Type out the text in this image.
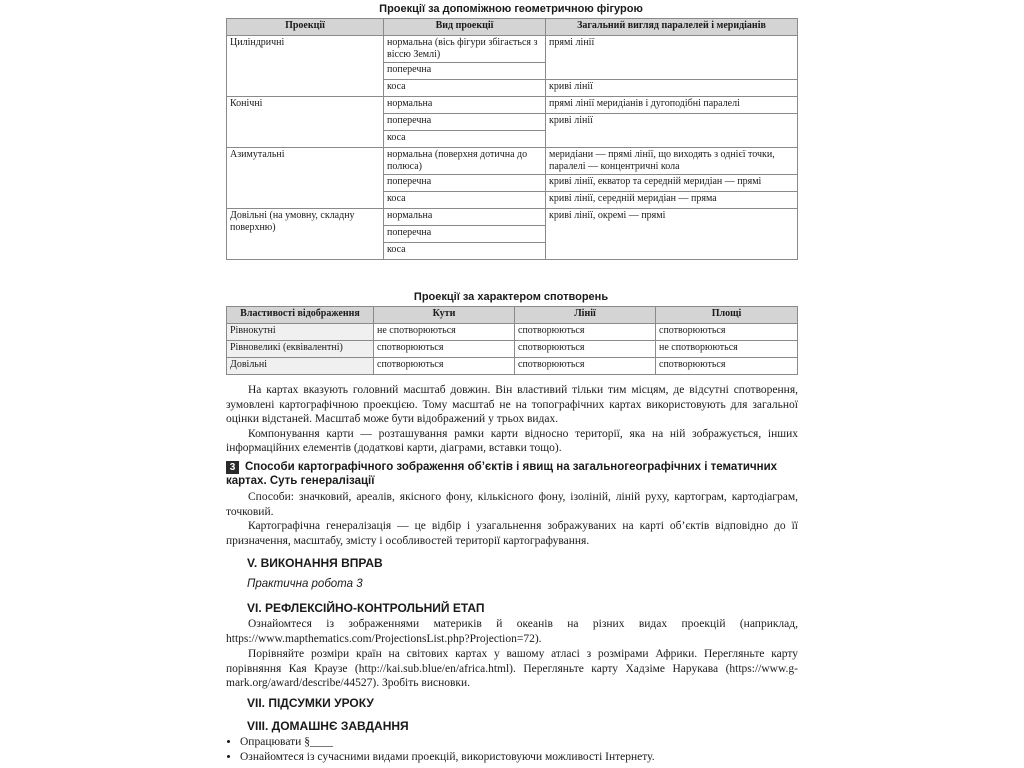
Проекції за допоміжною геометричною фігурою
Проекції	Вид проекції	Загальний вигляд паралелей і меридіанів
Циліндричні	нормальна (вісь фігури збігається з віссю Землі)	прямі лінії
	поперечна	
	коса	криві лінії
Конічні	нормальна	прямі лінії меридіанів і дугоподібні паралелі
	поперечна	криві лінії
	коса	
Азимутальні	нормальна (поверхня дотична до полюса)	меридіани — прямі лінії, що виходять з однієї точки, паралелі — концентричні кола
	поперечна	криві лінії, екватор та середній меридіан — прямі
	коса	криві лінії, середній меридіан — пряма
Довільні (на умовну, складну поверхню)	нормальна	криві лінії, окремі — прямі
	поперечна	
	коса	
Проекції за характером спотворень
Властивості відображення	Кути	Лінії	Площі
Рівнокутні	не спотворюються	спотворюються	спотворюються
Рівновеликі (еквівалентні)	спотворюються	спотворюються	не спотворюються
Довільні	спотворюються	спотворюються	спотворюються

На картах вказують головний масштаб довжин. Він властивий тільки тим місцям, де відсутні спотворення, зумовлені картографічною проекцією. Тому масштаб не на топографічних картах використовують для загальної оцінки відстаней. Масштаб може бути відображений у трьох видах.

Компонування карти — розташування рамки карти відносно території, яка на ній зображується, інших інформаційних елементів (додаткові карти, діаграми, вставки тощо).

3 Способи картографічного зображення об’єктів і явищ на загальногеографічних і тематичних картах. Суть генералізації

Способи: значковий, ареалів, якісного фону, кількісного фону, ізоліній, ліній руху, картограм, картодіаграм, точковий.

Картографічна генералізація — це відбір і узагальнення зображуваних на карті об’єктів відповідно до її призначення, масштабу, змісту і особливостей території картографування.

V. ВИКОНАННЯ ВПРАВ

Практична робота 3

VI. РЕФЛЕКСІЙНО-КОНТРОЛЬНИЙ ЕТАП

Ознайомтеся із зображеннями материків й океанів на різних видах проекцій (наприклад, https://www.mapthematics.com/ProjectionsList.php?Projection=72).

Порівняйте розміри країн на світових картах у вашому атласі з розмірами Африки. Перегляньте карту порівняння Кая Краузе (http://kai.sub.blue/en/africa.html). Перегляньте карту Хадзіме Нарукава (https://www.g-mark.org/award/describe/44527). Зробіть висновки.

VII. ПІДСУМКИ УРОКУ

VIII. ДОМАШНЄ ЗАВДАННЯ

• Опрацювати §____
• Ознайомтеся із сучасними видами проекцій, використовуючи можливості Інтернету.
